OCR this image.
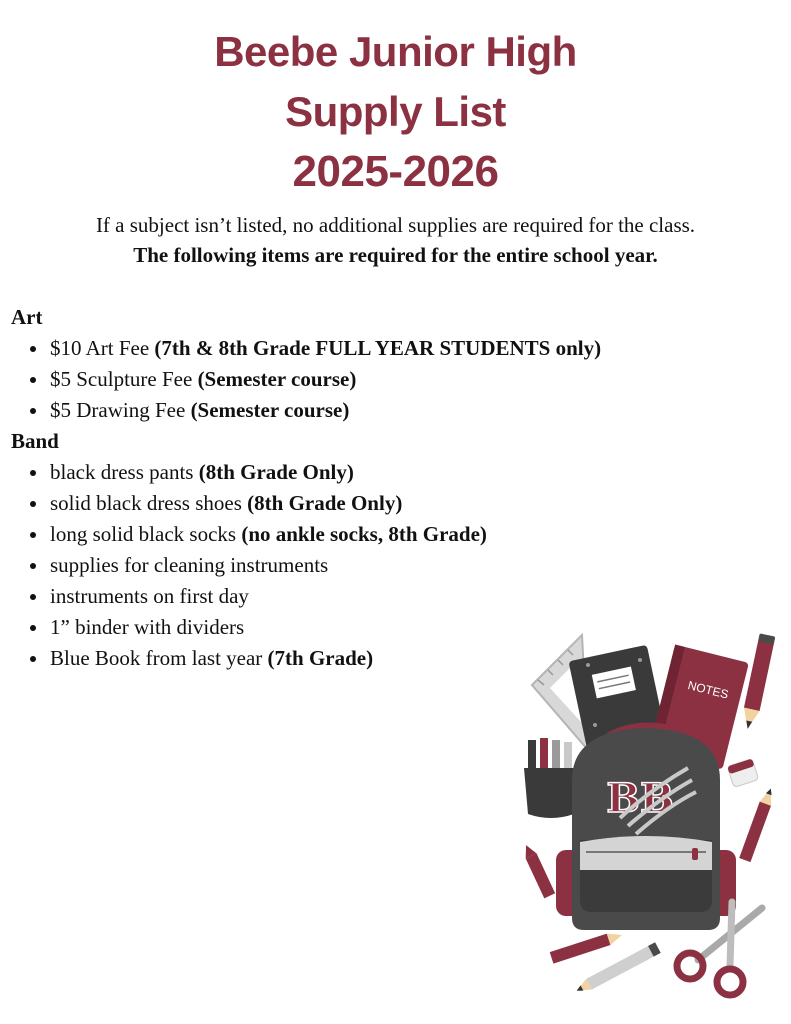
Beebe Junior High
Supply List
2025-2026
If a subject isn’t listed, no additional supplies are required for the class.
The following items are required for the entire school year.
Art
$10 Art Fee (7th & 8th Grade FULL YEAR STUDENTS only)
$5 Sculpture Fee (Semester course)
$5 Drawing Fee (Semester course)
Band
black dress pants (8th Grade Only)
solid black dress shoes (8th Grade Only)
long solid black socks (no ankle socks, 8th Grade)
supplies for cleaning instruments
instruments on first day
1” binder with dividers
Blue Book from last year (7th Grade)
NOTES
BB
